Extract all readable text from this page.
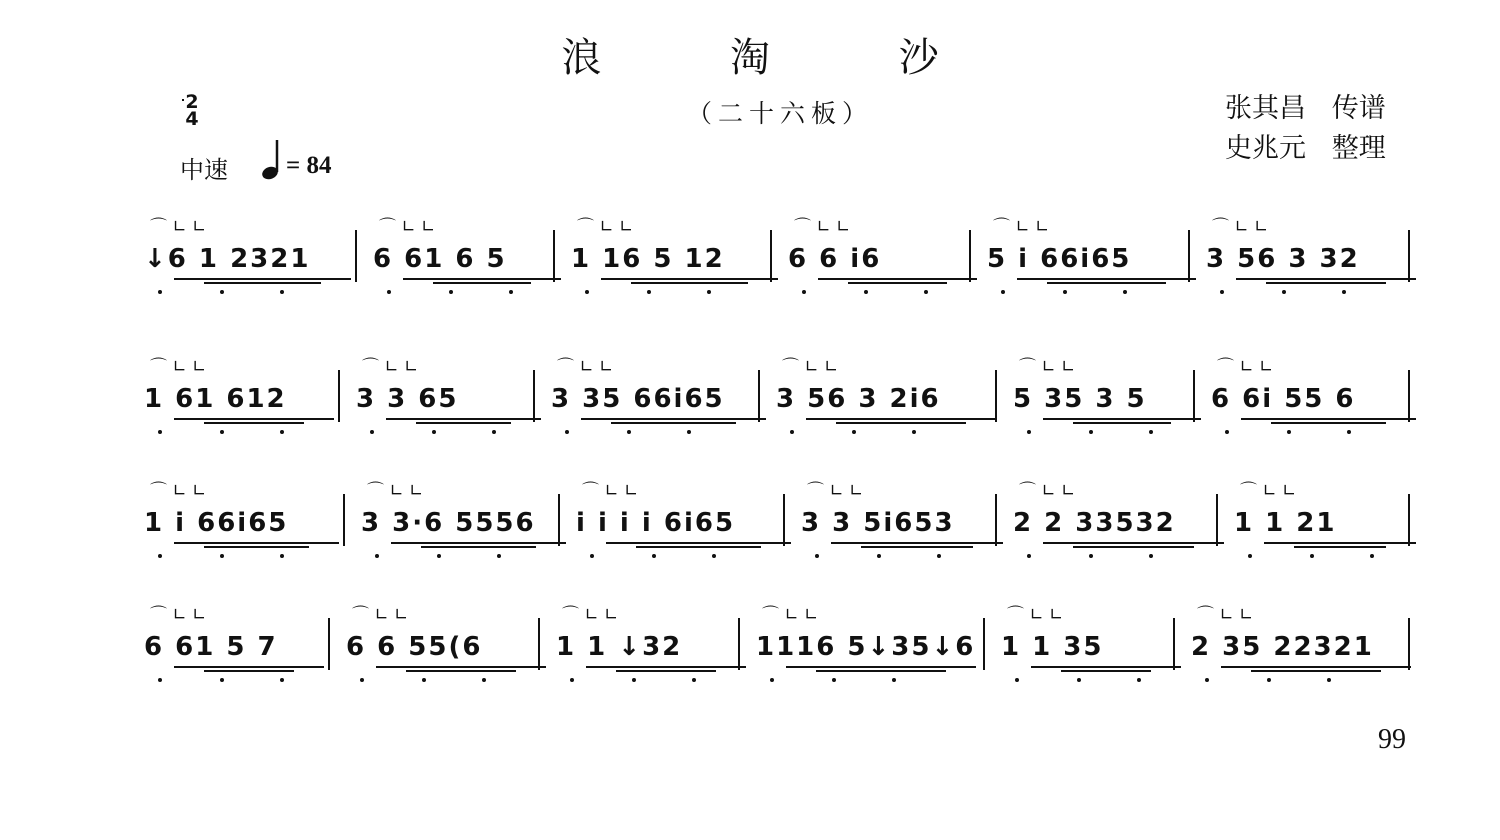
浪 淘 沙
（二十六板）	张其昌 传谱
史兆元 整理
2
4
中速 = 84
↓6 1 2321
⌒ ∟ ∟
6 61 6 5
⌒ ∟ ∟
1 16 5 12
⌒ ∟ ∟
6 6 i6
⌒ ∟ ∟
5 i 66i65
⌒ ∟ ∟
3 56 3 32
⌒ ∟ ∟
1 61 612
⌒ ∟ ∟
3 3 65
⌒ ∟ ∟
3 35 66i65
⌒ ∟ ∟
3 56 3 2i6
⌒ ∟ ∟
5 35 3 5
⌒ ∟ ∟
6 6i 55 6
⌒ ∟ ∟
1 i 66i65
⌒ ∟ ∟
3 3·6 5556
⌒ ∟ ∟
i i i i 6i65
⌒ ∟ ∟
3 3 5i653
⌒ ∟ ∟
2 2 33532
⌒ ∟ ∟
1 1 21
⌒ ∟ ∟
6 61 5 7
⌒ ∟ ∟
6 6 55(6
⌒ ∟ ∟
1 1 ↓32
⌒ ∟ ∟
1116 5↓35↓6
⌒ ∟ ∟
1 1 35
⌒ ∟ ∟
2 35 22321
⌒ ∟ ∟
99
